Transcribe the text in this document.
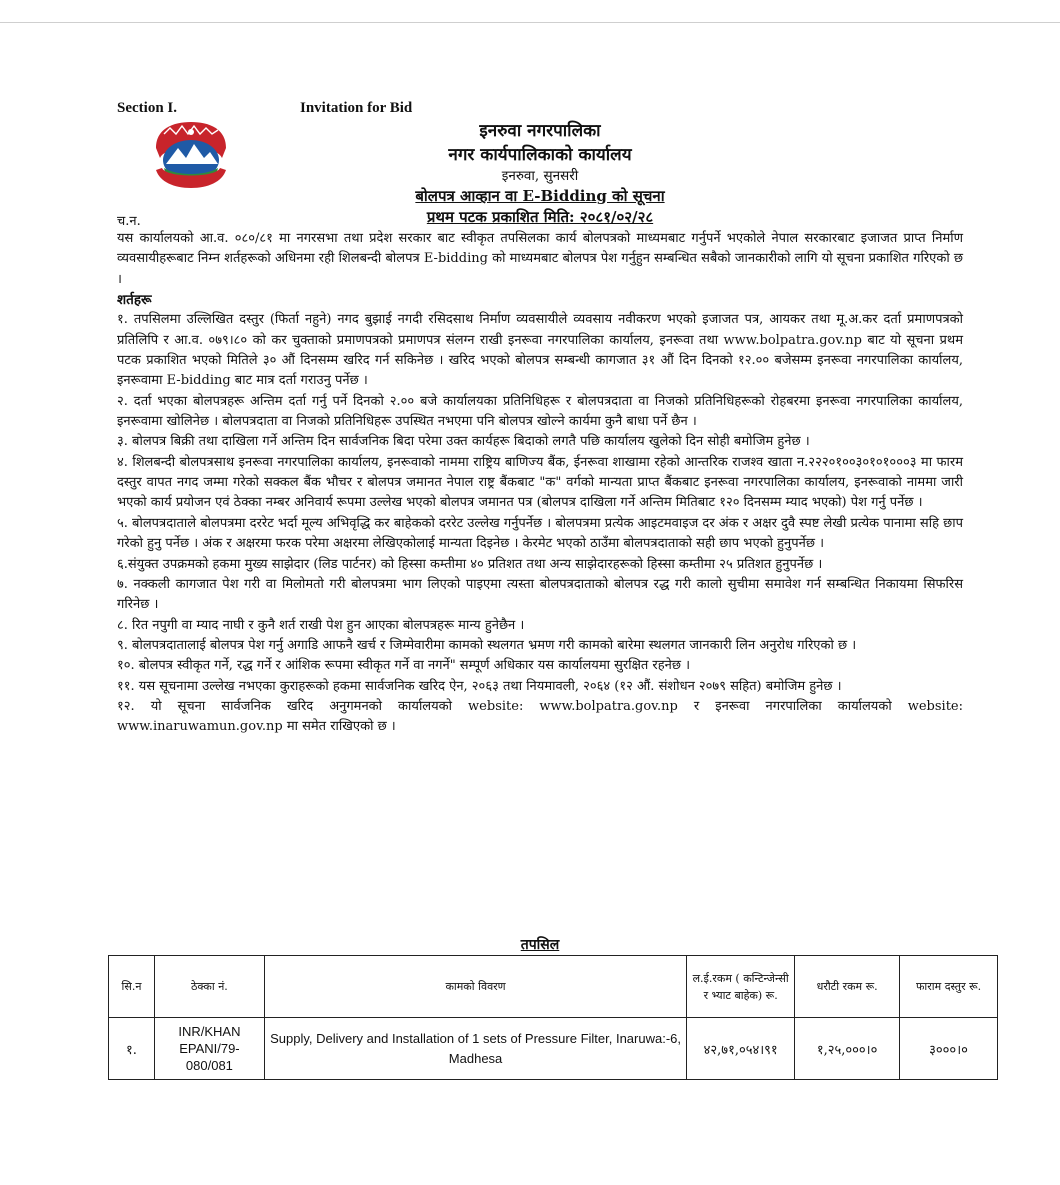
Section I.	Invitation for Bid
इनरुवा नगरपालिका
नगर कार्यपालिकाको कार्यालय
इनरुवा, सुनसरी
बोलपत्र आव्हान वा E-Bidding को सूचना
प्रथम पटक प्रकाशित मिति: २०८१/०२/२८
च.न.

यस कार्यालयको आ.व. ०८०/८१ मा नगरसभा तथा प्रदेश सरकार बाट स्वीकृत तपसिलका कार्य बोलपत्रको माध्यमबाट गर्नुपर्ने भएकोले नेपाल सरकारबाट इजाजत प्राप्त निर्माण व्यवसायीहरूबाट निम्न शर्तहरूको अधिनमा रही शिलबन्दी बोलपत्र E-bidding को माध्यमबाट बोलपत्र पेश गर्नुहुन सम्बन्धित सबैको जानकारीको लागि यो सूचना प्रकाशित गरिएको छ ।

शर्तहरू

१. तपसिलमा उल्लिखित दस्तुर (फिर्ता नहुने) नगद बुझाई नगदी रसिदसाथ निर्माण व्यवसायीले व्यवसाय नवीकरण भएको इजाजत पत्र, आयकर तथा मू.अ.कर दर्ता प्रमाणपत्रको प्रतिलिपि र आ.व. ०७९।८० को कर चुक्ताको प्रमाणपत्रको प्रमाणपत्र संलग्न राखी इनरूवा नगरपालिका कार्यालय, इनरूवा तथा www.bolpatra.gov.np बाट यो सूचना प्रथम पटक प्रकाशित भएको मितिले ३० औं दिनसम्म खरिद गर्न सकिनेछ । खरिद भएको बोलपत्र सम्बन्धी कागजात ३१ औं दिन दिनको १२.०० बजेसम्म इनरूवा नगरपालिका कार्यालय, इनरूवामा E-bidding बाट मात्र दर्ता गराउनु पर्नेछ ।

२. दर्ता भएका बोलपत्रहरू अन्तिम दर्ता गर्नु पर्ने दिनको २.०० बजे कार्यालयका प्रतिनिधिहरू र बोलपत्रदाता वा निजको प्रतिनिधिहरूको रोहबरमा इनरूवा नगरपालिका कार्यालय, इनरूवामा खोलिनेछ । बोलपत्रदाता वा निजको प्रतिनिधिहरू उपस्थित नभएमा पनि बोलपत्र खोल्ने कार्यमा कुनै बाधा पर्ने छैन ।

३. बोलपत्र बिक्री तथा दाखिला गर्ने अन्तिम दिन सार्वजनिक बिदा परेमा उक्त कार्यहरू बिदाको लगतै पछि कार्यालय खुलेको दिन सोही बमोजिम हुनेछ ।

४. शिलबन्दी बोलपत्रसाथ इनरूवा नगरपालिका कार्यालय, इनरूवाको नाममा राष्ट्रिय बाणिज्य बैंक, ईनरूवा शाखामा रहेको आन्तरिक राजश्व खाता न.२२२०१००३०१०१०००३ मा फारम दस्तुर वापत नगद जम्मा गरेको सक्कल बैंक भौचर र बोलपत्र जमानत नेपाल राष्ट्र बैंकबाट "क" वर्गको मान्यता प्राप्त बैंकबाट इनरूवा नगरपालिका कार्यालय, इनरूवाको नाममा जारी भएको कार्य प्रयोजन एवं ठेक्का नम्बर अनिवार्य रूपमा उल्लेख भएको बोलपत्र जमानत पत्र (बोलपत्र दाखिला गर्ने अन्तिम मितिबाट १२० दिनसम्म म्याद भएको) पेश गर्नु पर्नेछ ।

५. बोलपत्रदाताले बोलपत्रमा दररेट भर्दा मूल्य अभिवृद्धि कर बाहेकको दररेट उल्लेख गर्नुपर्नेछ । बोलपत्रमा प्रत्येक आइटमवाइज दर अंक र अक्षर दुवै स्पष्ट लेखी प्रत्येक पानामा सहि छाप गरेको हुनु पर्नेछ । अंक र अक्षरमा फरक परेमा अक्षरमा लेखिएकोलाई मान्यता दिइनेछ । केरमेट भएको ठाउँमा बोलपत्रदाताको सही छाप भएको हुनुपर्नेछ ।

६.संयुक्त उपक्रमको हकमा मुख्य साझेदार (लिड पार्टनर) को हिस्सा कम्तीमा ४० प्रतिशत तथा अन्य साझेदारहरूको हिस्सा कम्तीमा २५ प्रतिशत हुनुपर्नेछ ।

७. नक्कली कागजात पेश गरी वा मिलोमतो गरी बोलपत्रमा भाग लिएको पाइएमा त्यस्ता बोलपत्रदाताको बोलपत्र रद्ध गरी कालो सुचीमा समावेश गर्न सम्बन्धित निकायमा सिफरिस गरिनेछ ।

८. रित नपुगी वा म्याद नाघी र कुनै शर्त राखी पेश हुन आएका बोलपत्रहरू मान्य हुनेछैन ।

९. बोलपत्रदातालाई बोलपत्र पेश गर्नु अगाडि आफनै खर्च र जिम्मेवारीमा कामको स्थलगत भ्रमण गरी कामको बारेमा स्थलगत जानकारी लिन अनुरोध गरिएको छ ।

१०. बोलपत्र स्वीकृत गर्ने, रद्ध गर्ने र आंशिक रूपमा स्वीकृत गर्ने वा नगर्ने" सम्पूर्ण अधिकार यस कार्यालयमा सुरक्षित रहनेछ ।

११. यस सूचनामा उल्लेख नभएका कुराहरूको हकमा सार्वजनिक खरिद ऐन, २०६३ तथा नियमावली, २०६४ (१२ औं. संशोधन २०७९ सहित) बमोजिम हुनेछ ।

१२. यो सूचना सार्वजनिक खरिद अनुगमनको कार्यालयको website: www.bolpatra.gov.np र इनरूवा नगरपालिका कार्यालयको website: www.inaruwamun.gov.np मा समेत राखिएको छ ।

तपसिल
सि.न	ठेक्का नं.	कामको विवरण	ल.ई.रकम ( कन्टिन्जेन्सी र भ्याट बाहेक) रू.	धरौटी रकम रू.	फाराम दस्तुर रू.
१.	INR/KHAN EPANI/79-080/081	Supply, Delivery and Installation of 1 sets of Pressure Filter, Inaruwa:-6, Madhesa	४२,७१,०५४।९१	१,२५,०००।०	३०००।०
